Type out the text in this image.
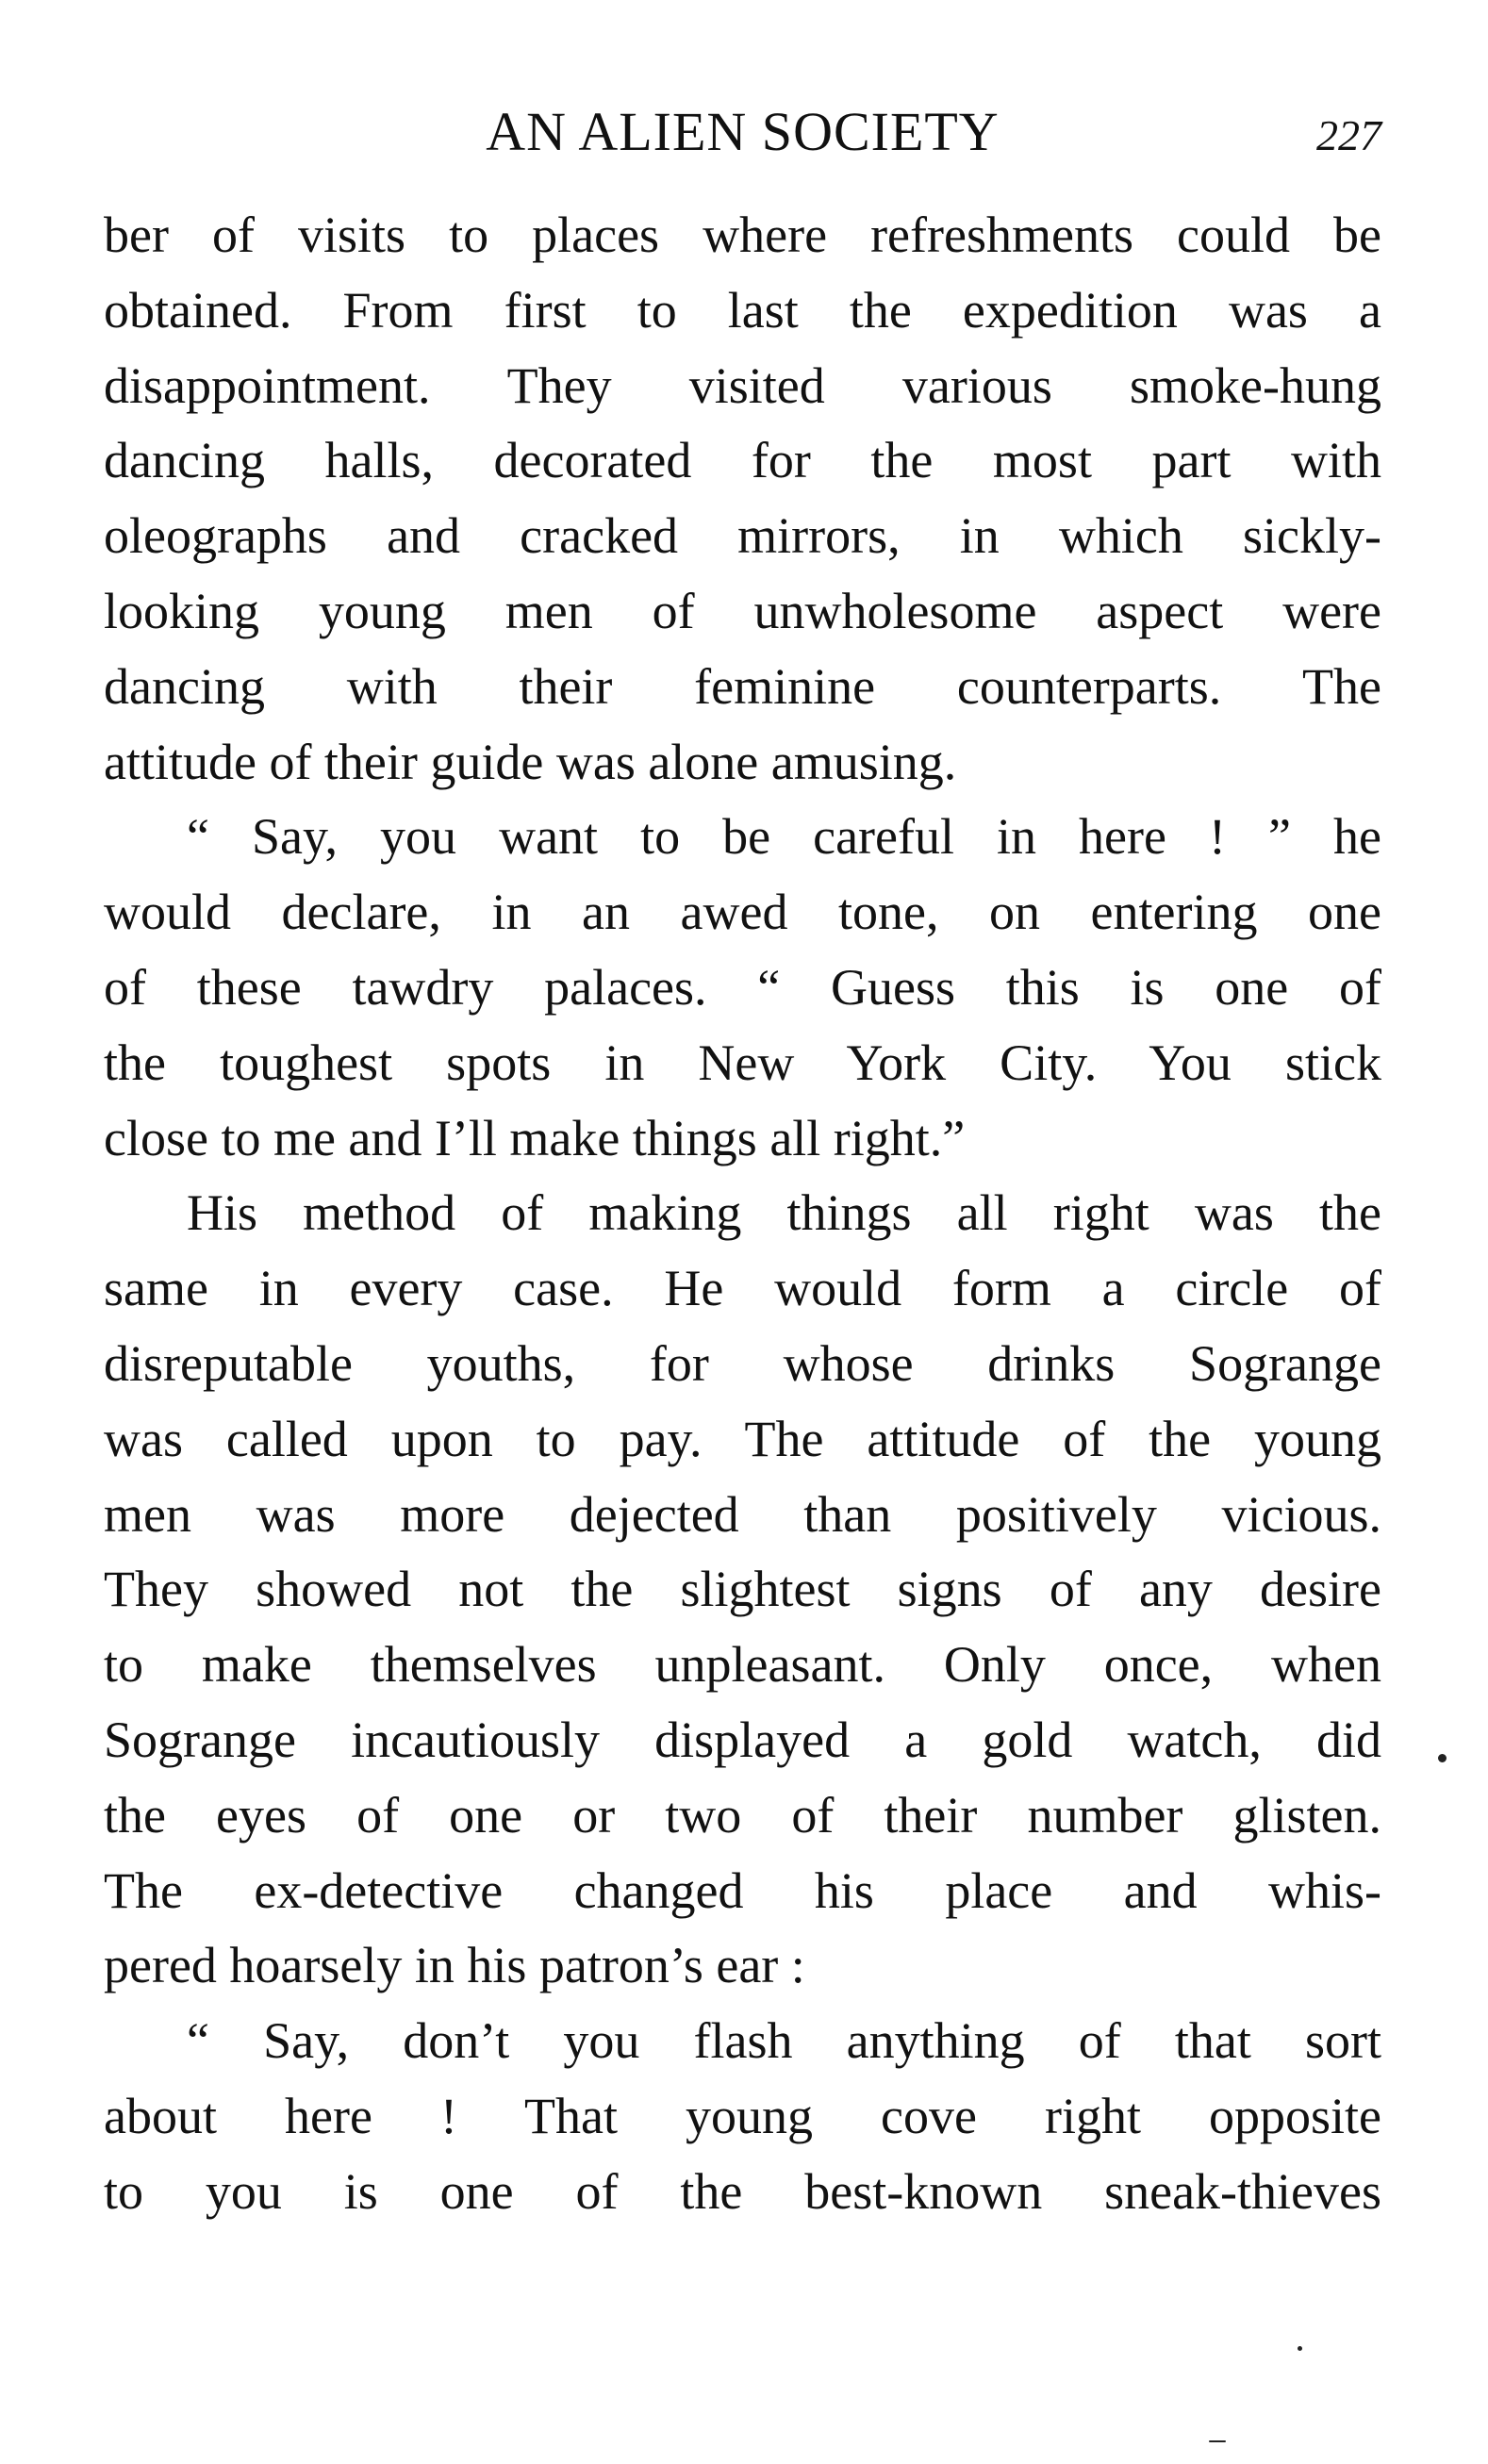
AN ALIEN SOCIETY	227
ber of visits to places where refreshments could be
obtained. From first to last the expedition was a
disappointment. They visited various smoke-hung
dancing halls, decorated for the most part with
oleographs and cracked mirrors, in which sickly-
looking young men of unwholesome aspect were
dancing with their feminine counterparts. The
attitude of their guide was alone amusing.
“ Say, you want to be careful in here ! ” he
would declare, in an awed tone, on entering one
of these tawdry palaces. “ Guess this is one of
the toughest spots in New York City. You stick
close to me and I’ll make things all right.”
His method of making things all right was the
same in every case. He would form a circle of
disreputable youths, for whose drinks Sogrange
was called upon to pay. The attitude of the young
men was more dejected than positively vicious.
They showed not the slightest signs of any desire
to make themselves unpleasant. Only once, when
Sogrange incautiously displayed a gold watch, did
the eyes of one or two of their number glisten.
The ex-detective changed his place and whis-
pered hoarsely in his patron’s ear :
“ Say, don’t you flash anything of that sort
about here ! That young cove right opposite
to you is one of the best-known sneak-thieves
